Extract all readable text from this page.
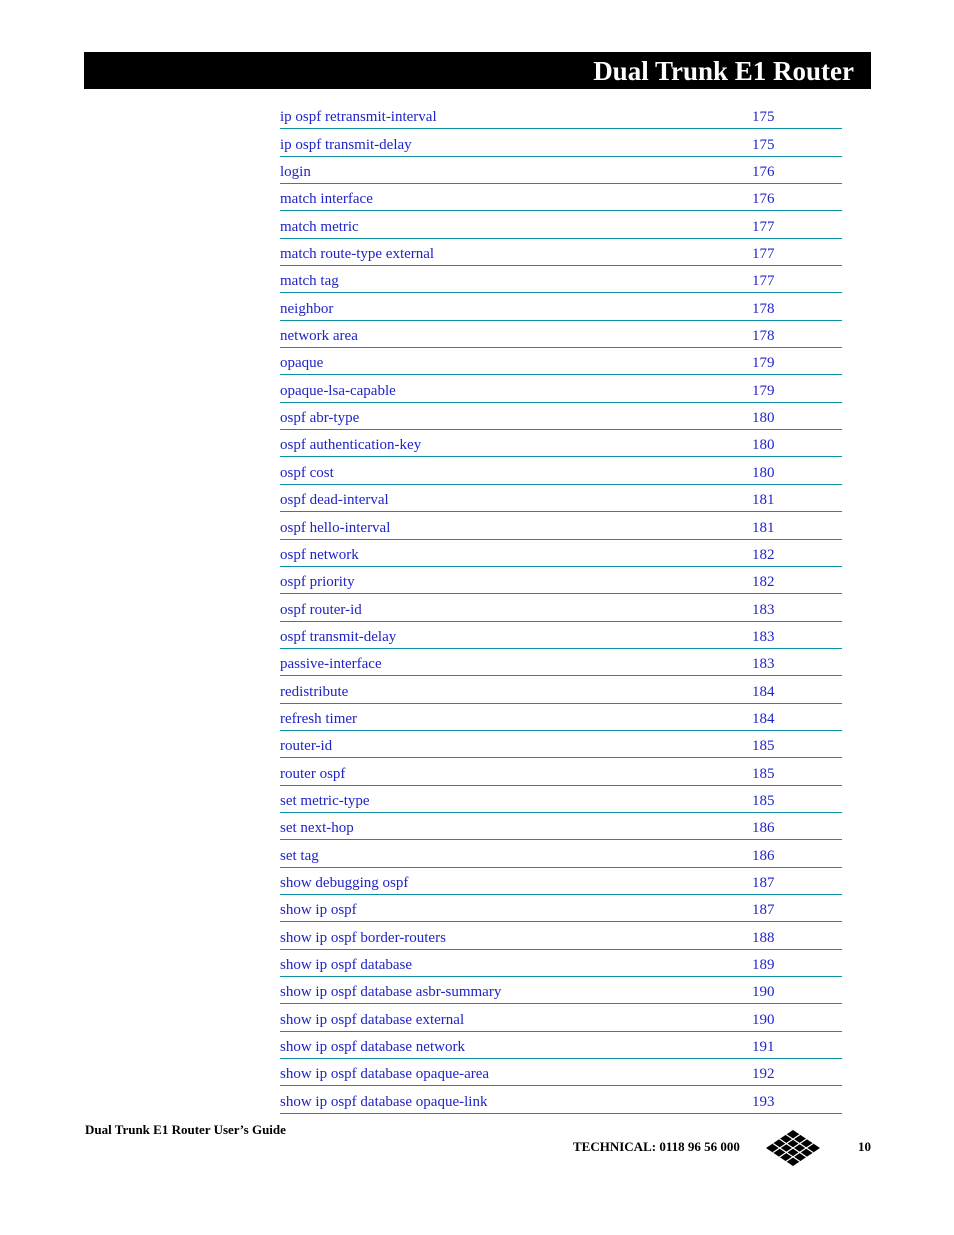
Dual Trunk E1 Router
ip ospf retransmit-interval	175
ip ospf transmit-delay	175
login	176
match interface	176
match metric	177
match route-type external	177
match tag	177
neighbor	178
network area	178
opaque	179
opaque-lsa-capable	179
ospf abr-type	180
ospf authentication-key	180
ospf cost	180
ospf dead-interval	181
ospf hello-interval	181
ospf network	182
ospf priority	182
ospf router-id	183
ospf transmit-delay	183
passive-interface	183
redistribute	184
refresh timer	184
router-id	185
router ospf	185
set metric-type	185
set next-hop	186
set tag	186
show debugging ospf	187
show ip ospf	187
show ip ospf border-routers	188
show ip ospf database	189
show ip ospf database asbr-summary	190
show ip ospf database external	190
show ip ospf database network	191
show ip ospf database opaque-area	192
show ip ospf database opaque-link	193
Dual Trunk E1 Router User’s Guide
TECHNICAL: 0118 96 56 000	10
